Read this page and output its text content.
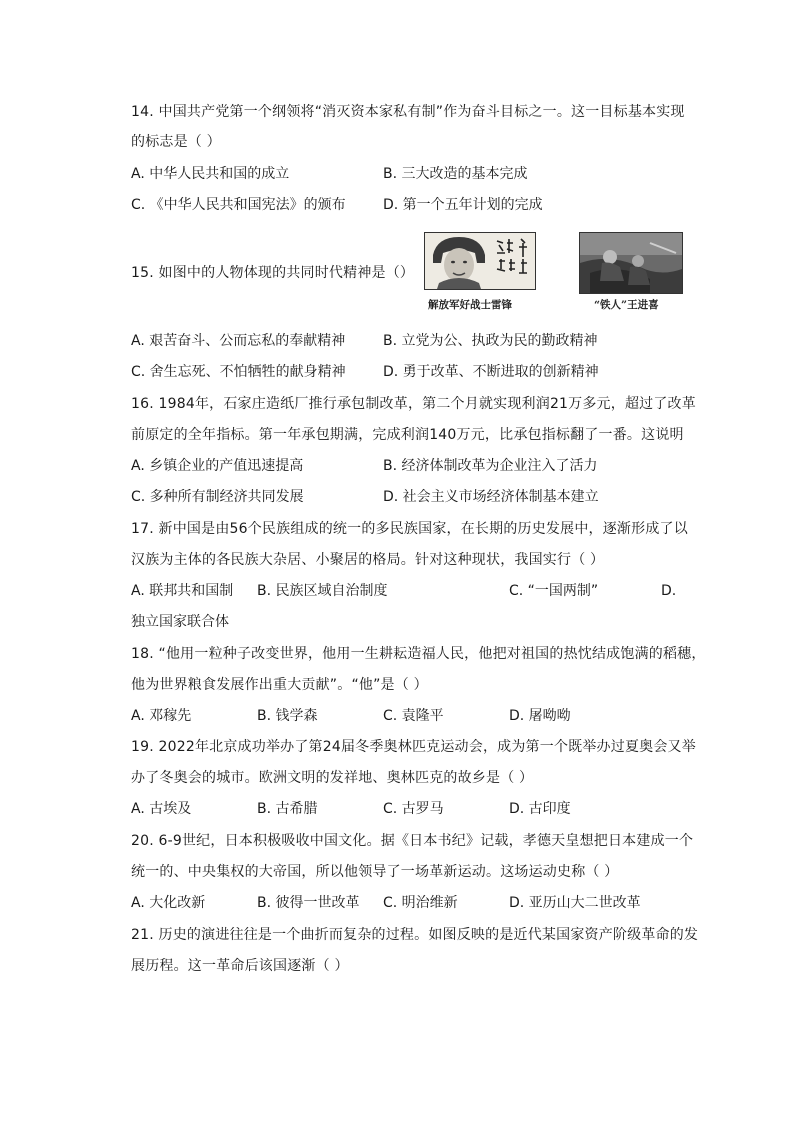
14. 中国共产党第一个纲领将“消灭资本家私有制”作为奋斗目标之一。这一目标基本实现
的标志是（ ）
A. 中华人民共和国的成立	B. 三大改造的基本完成
C. 《中华人民共和国宪法》的颁布	D. 第一个五年计划的完成
15. 如图中的人物体现的共同时代精神是（）
解放军好战士雷锋	“铁人”王进喜
A. 艰苦奋斗、公而忘私的奉献精神	B. 立党为公、执政为民的勤政精神
C. 舍生忘死、不怕牺牲的献身精神	D. 勇于改革、不断进取的创新精神
16. 1984年，石家庄造纸厂推行承包制改革，第二个月就实现利润21万多元，超过了改革
前原定的全年指标。第一年承包期满，完成利润140万元，比承包指标翻了一番。这说明
A. 乡镇企业的产值迅速提高	B. 经济体制改革为企业注入了活力
C. 多种所有制经济共同发展	D. 社会主义市场经济体制基本建立
17. 新中国是由56个民族组成的统一的多民族国家，在长期的历史发展中，逐渐形成了以
汉族为主体的各民族大杂居、小聚居的格局。针对这种现状，我国实行（ ）
A. 联邦共和国制 B. 民族区域自治制度	C. “一国两制”	D.
独立国家联合体
18. “他用一粒种子改变世界，他用一生耕耘造福人民，他把对祖国的热忱结成饱满的稻穗，
他为世界粮食发展作出重大贡献”。“他”是（ ）
A. 邓稼先	B. 钱学森	C. 袁隆平	D. 屠呦呦
19. 2022年北京成功举办了第24届冬季奥林匹克运动会，成为第一个既举办过夏奥会又举
办了冬奥会的城市。欧洲文明的发祥地、奥林匹克的故乡是（ ）
A. 古埃及	B. 古希腊	C. 古罗马	D. 古印度
20. 6-9世纪，日本积极吸收中国文化。据《日本书纪》记载，孝德天皇想把日本建成一个
统一的、中央集权的大帝国，所以他领导了一场革新运动。这场运动史称（ ）
A. 大化改新	B. 彼得一世改革 C. 明治维新	D. 亚历山大二世改革
21. 历史的演进往往是一个曲折而复杂的过程。如图反映的是近代某国家资产阶级革命的发
展历程。这一革命后该国逐渐（ ）
